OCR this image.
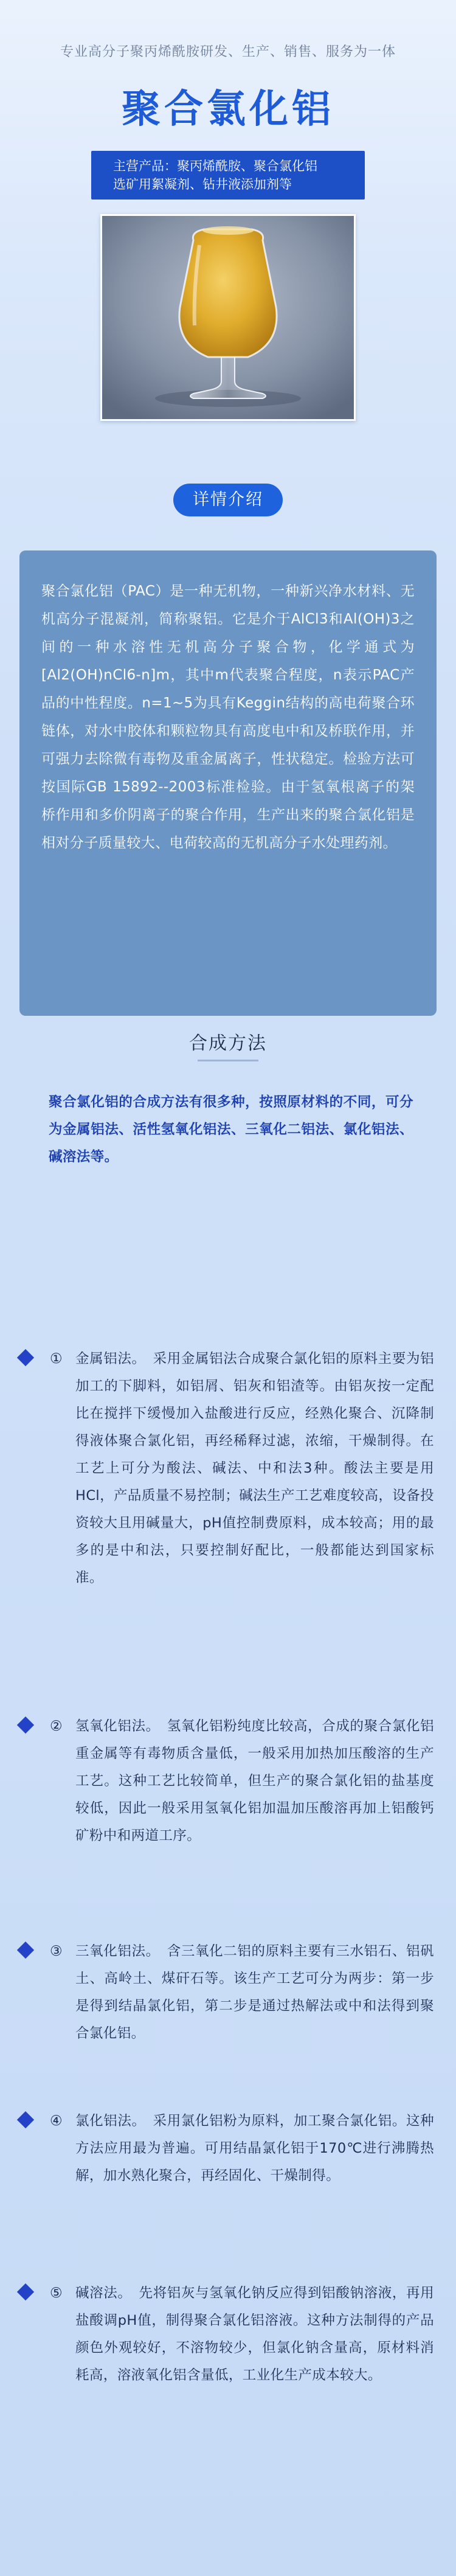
专业高分子聚丙烯酰胺研发、生产、销售、服务为一体
聚合氯化铝
主营产品：聚丙烯酰胺、聚合氯化铝
选矿用絮凝剂、钻井液添加剂等
详情介绍

聚合氯化铝（PAC）是一种无机物，一种新兴净水材料、无机高分子混凝剂，简称聚铝。它是介于AlCl3和Al(OH)3之间的一种水溶性无机高分子聚合物，化学通式为[Al2(OH)nCl6-n]m，其中m代表聚合程度，n表示PAC产品的中性程度。n=1~5为具有Keggin结构的高电荷聚合环链体，对水中胶体和颗粒物具有高度电中和及桥联作用，并可强力去除微有毒物及重金属离子，性状稳定。检验方法可按国际GB 15892--2003标准检验。由于氢氧根离子的架桥作用和多价阴离子的聚合作用，生产出来的聚合氯化铝是相对分子质量较大、电荷较高的无机高分子水处理药剂。

合成方法

聚合氯化铝的合成方法有很多种，按照原材料的不同，可分为金属铝法、活性氢氧化铝法、三氧化二铝法、氯化铝法、碱溶法等。

① 金属铝法。 采用金属铝法合成聚合氯化铝的原料主要为铝加工的下脚料，如铝屑、铝灰和铝渣等。由铝灰按一定配比在搅拌下缓慢加入盐酸进行反应，经熟化聚合、沉降制得液体聚合氯化铝，再经稀释过滤，浓缩，干燥制得。在工艺上可分为酸法、碱法、中和法3种。酸法主要是用HCl，产品质量不易控制；碱法生产工艺难度较高，设备投资较大且用碱量大，pH值控制费原料，成本较高；用的最多的是中和法，只要控制好配比，一般都能达到国家标准。

② 氢氧化铝法。 氢氧化铝粉纯度比较高，合成的聚合氯化铝重金属等有毒物质含量低，一般采用加热加压酸溶的生产工艺。这种工艺比较简单，但生产的聚合氯化铝的盐基度较低，因此一般采用氢氧化铝加温加压酸溶再加上铝酸钙矿粉中和两道工序。

③ 三氧化铝法。 含三氧化二铝的原料主要有三水铝石、铝矾土、高岭土、煤矸石等。该生产工艺可分为两步：第一步是得到结晶氯化铝，第二步是通过热解法或中和法得到聚合氯化铝。

④ 氯化铝法。 采用氯化铝粉为原料，加工聚合氯化铝。这种方法应用最为普遍。可用结晶氯化铝于170℃进行沸腾热解，加水熟化聚合，再经固化、干燥制得。

⑤ 碱溶法。 先将铝灰与氢氧化钠反应得到铝酸钠溶液，再用盐酸调pH值，制得聚合氯化铝溶液。这种方法制得的产品颜色外观较好，不溶物较少，但氯化钠含量高，原材料消耗高，溶液氧化铝含量低，工业化生产成本较大。
